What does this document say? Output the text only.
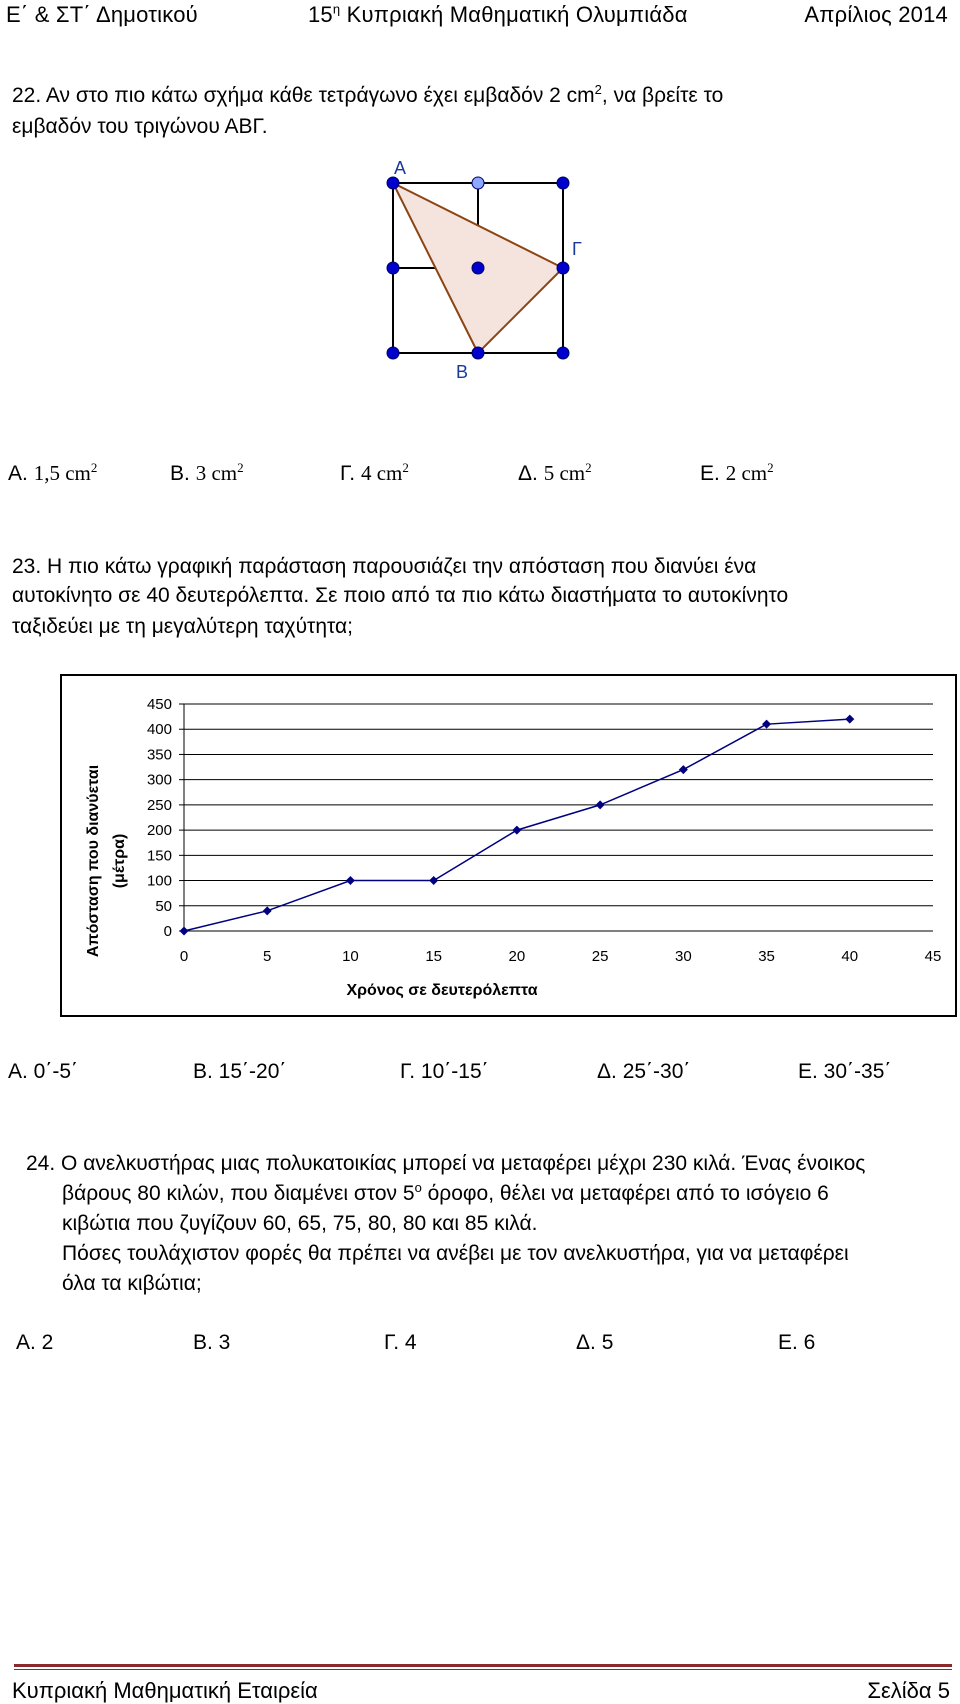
Ε΄ & ΣΤ΄ Δημοτικού	$15^\eta$ Κυπριακή Μαθηματική Ολυμπιάδα	Απρίλιος 2014
22. Αν στο πιο κάτω σχήμα κάθε τετράγωνο έχει εμβαδόν 2 $cm^2$, να βρείτε το
εμβαδόν του τριγώνου ΑΒΓ.
Α
Γ
Β
Α. 1,5 $cm^2$	Β. 3 $cm^2$	Γ. 4 $cm^2$	Δ. 5 $cm^2$	Ε. 2 $cm^2$
23. Η πιο κάτω γραφική παράσταση παρουσιάζει την απόσταση που διανύει ένα
αυτοκίνητο σε 40 δευτερόλεπτα. Σε ποιο από τα πιο κάτω διαστήματα το αυτοκίνητο
ταξιδεύει με τη μεγαλύτερη ταχύτητα;
0
50
100
150
200
250
300
350
400
450
0	5	10	15	20	25	30	35	40	45
Χρόνος σε δευτερόλεπτα
Απόσταση που διανύεται (μέτρα)
Α. 0΄-5΄	Β. 15΄-20΄	Γ. 10΄-15΄	Δ. 25΄-30΄	Ε. 30΄-35΄
24. Ο ανελκυστήρας μιας πολυκατοικίας μπορεί να μεταφέρει μέχρι 230 κιλά. Ένας ένοικος
βάρους 80 κιλών, που διαμένει στον $5^o$ όροφο, θέλει να μεταφέρει από το ισόγειο 6
κιβώτια που ζυγίζουν 60, 65, 75, 80, 80 και 85 κιλά.
Πόσες τουλάχιστον φορές θα πρέπει να ανέβει με τον ανελκυστήρα, για να μεταφέρει
όλα τα κιβώτια;
Α. 2	Β. 3	Γ. 4	Δ. 5	Ε. 6
Κυπριακή Μαθηματική Εταιρεία	Σελίδα 5
